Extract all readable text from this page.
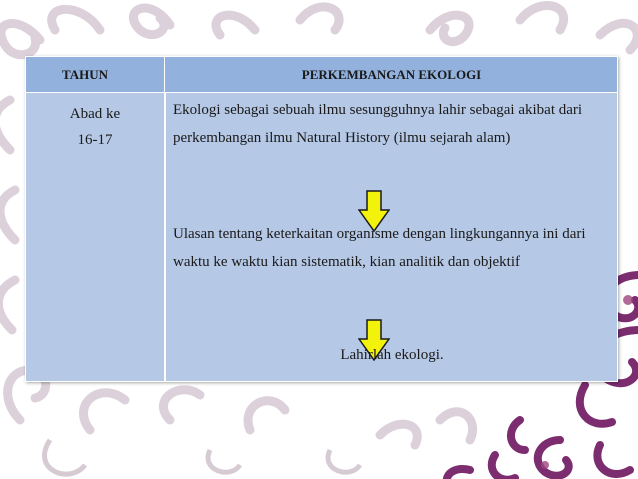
TAHUN	PERKEMBANGAN EKOLOGI
Abad ke
16-17
Ekologi sebagai sebuah ilmu sesungguhnya lahir sebagai akibat dari perkembangan ilmu Natural History (ilmu sejarah alam)
Ulasan tentang keterkaitan organisme dengan lingkungannya ini dari waktu ke waktu kian sistematik, kian analitik dan objektif
Lahirlah ekologi.
